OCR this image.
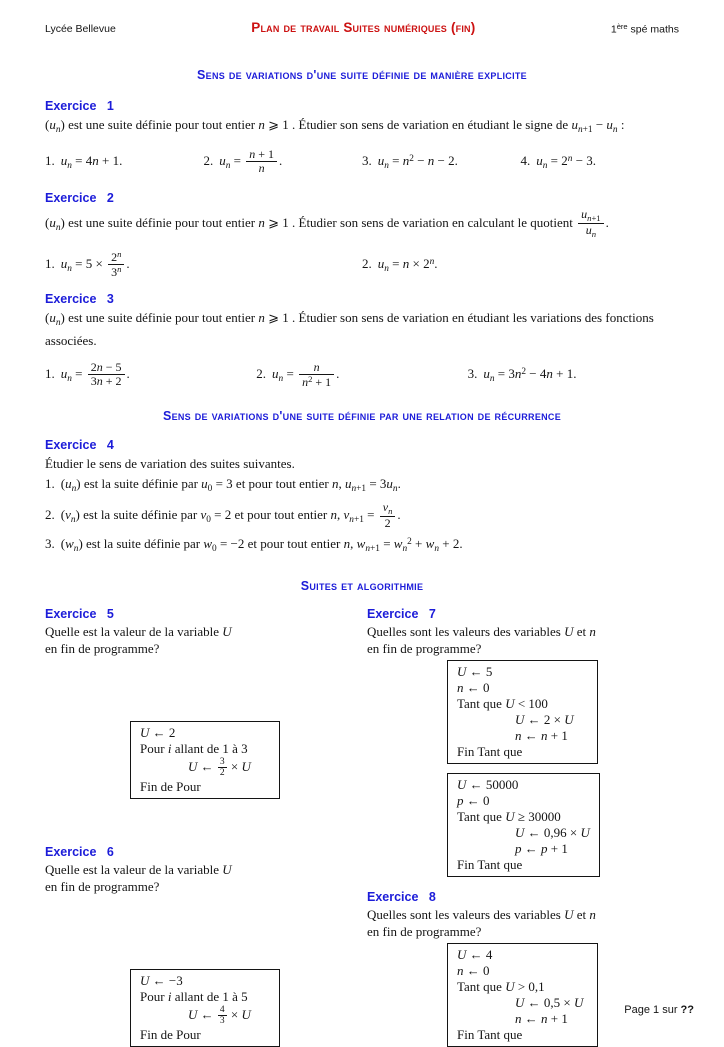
Lycée Bellevue	Plan de travail Suites numériques (fin)	1ère spé maths
Sens de variations d'une suite définie de manière explicite
Exercice 1
$(u_n)$ est une suite définie pour tout entier n ⩾ 1 . Étudier son sens de variation en étudiant le signe de $u_{n+1} - u_n$ :
1. $u_n = 4n + 1$.	2. $u_n = \frac{n + 1}{n}$ .	3. $u_n = n^2 - n - 2$.	4. $u_n = 2^n - 3$.
Exercice 2
$(u_n)$ est une suite définie pour tout entier n ⩾ 1 . Étudier son sens de variation en calculant le quotient $\frac{u_{n+1}}{u_n}$ .
1. $u_n = 5 \times \frac{2^n}{3^n}$ .	2. $u_n = n \times 2^n$.
Exercice 3
$(u_n)$ est une suite définie pour tout entier n ⩾ 1 . Étudier son sens de variation en étudiant les variations des fonctions associées.
1. $u_n = \frac{2n - 5}{3n + 2}$ .	2. $u_n = \frac{n}{n^2 + 1}$ .	3. $u_n = 3n^2 - 4n + 1$.
Sens de variations d'une suite définie par une relation de récurrence
Exercice 4
Étudier le sens de variation des suites suivantes.
1. $(u_n)$ est la suite définie par $u_0 = 3$ et pour tout entier n, $u_{n+1} = 3u_n$.
2. $(v_n)$ est la suite définie par $v_0 = 2$ et pour tout entier n, $v_{n+1} = \frac{v_n}{2}$ .
3. $(w_n)$ est la suite définie par $w_0 = -2$ et pour tout entier n, $w_{n+1} = w_n^2 + w_n + 2$.
Suites et algorithmie
Exercice 5
Quelle est la valeur de la variable U
en fin de programme?
U ← 2
Pour i allant de 1 à 3
U ← $\frac{3}{2} \times U$
Fin de Pour
Exercice 6
Quelle est la valeur de la variable U
en fin de programme?
U ← −3
Pour i allant de 1 à 5
U ← $\frac{4}{3} \times U$
Fin de Pour
Exercice 7
Quelles sont les valeurs des variables U et n
en fin de programme?
U ← 5
n ← 0
Tant que U < 100
U ← 2 × U
n ← n + 1
Fin Tant que
U ← 50000
p ← 0
Tant que U ≥ 30000
U ← 0,96 × U
p ← p + 1
Fin Tant que
Exercice 8
Quelles sont les valeurs des variables U et n
en fin de programme?
U ← 4
n ← 0
Tant que U > 0,1
U ← 0,5 × U
n ← n + 1
Fin Tant que
Page 1 sur ??
